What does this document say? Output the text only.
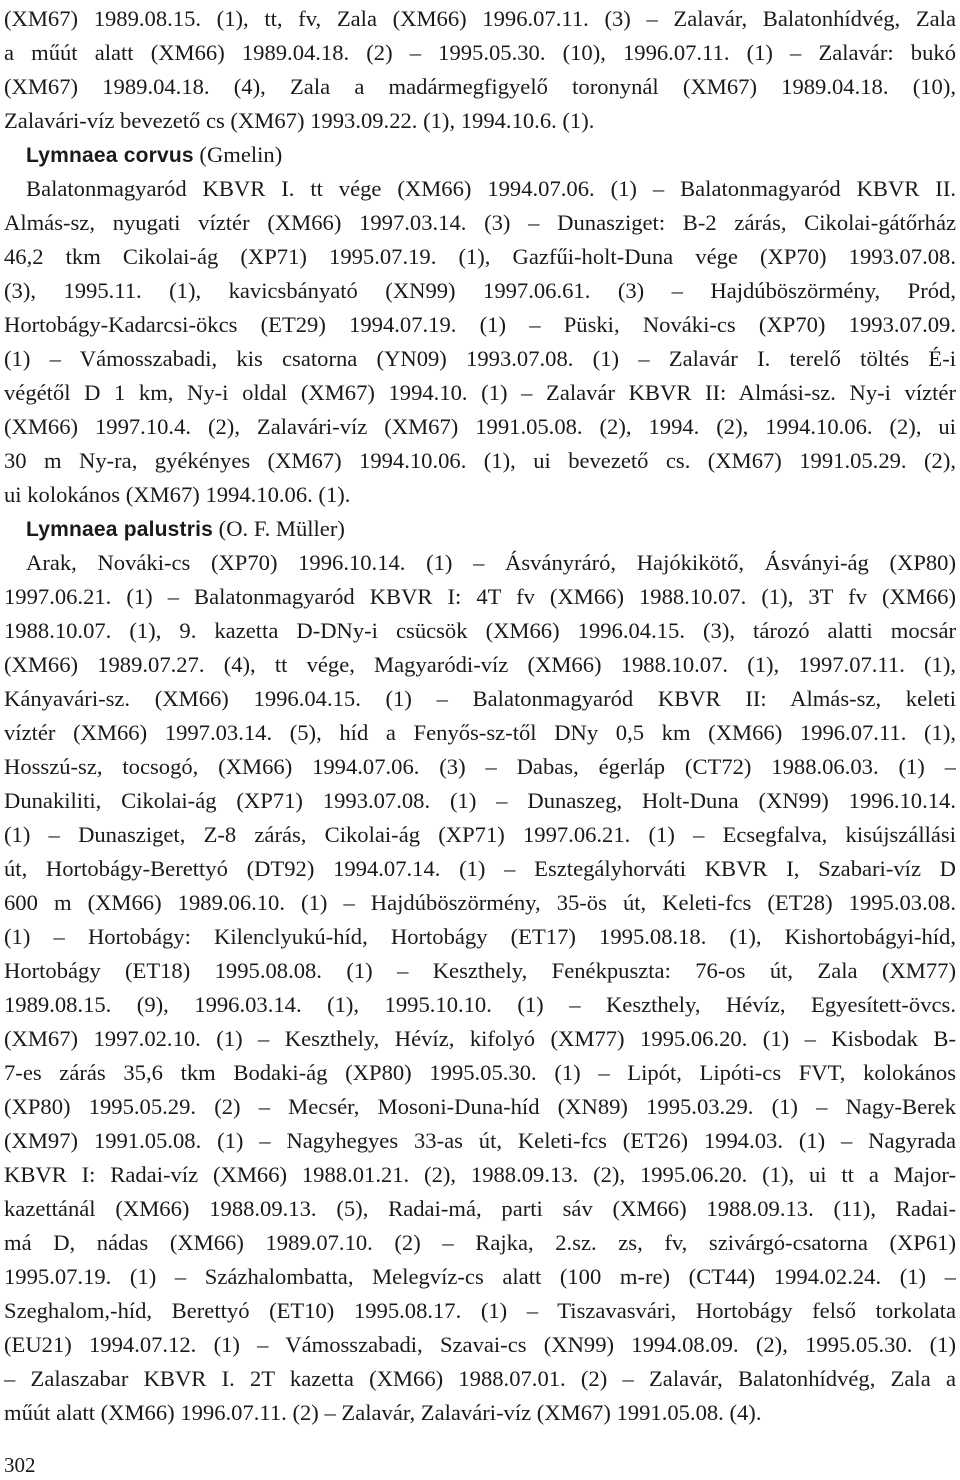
(XM67) 1989.08.15. (1), tt, fv, Zala (XM66) 1996.07.11. (3) – Zalavár, Balatonhídvég, Zala
a műút alatt (XM66) 1989.04.18. (2) – 1995.05.30. (10), 1996.07.11. (1) – Zalavár: bukó
(XM67) 1989.04.18. (4), Zala a madármegfigyelő toronynál (XM67) 1989.04.18. (10),
Zalavári-víz bevezető cs (XM67) 1993.09.22. (1), 1994.10.6. (1).
Lymnaea corvus (Gmelin)
Balatonmagyaród KBVR I. tt vége (XM66) 1994.07.06. (1) – Balatonmagyaród KBVR II.
Almás-sz, nyugati víztér (XM66) 1997.03.14. (3) – Dunasziget: B-2 zárás, Cikolai-gátőrház
46,2 tkm Cikolai-ág (XP71) 1995.07.19. (1), Gazfűi-holt-Duna vége (XP70) 1993.07.08.
(3), 1995.11. (1), kavicsbányató (XN99) 1997.06.61. (3) – Hajdúböszörmény, Pród,
Hortobágy-Kadarcsi-ökcs (ET29) 1994.07.19. (1) – Püski, Nováki-cs (XP70) 1993.07.09.
(1) – Vámosszabadi, kis csatorna (YN09) 1993.07.08. (1) – Zalavár I. terelő töltés É-i
végétől D 1 km, Ny-i oldal (XM67) 1994.10. (1) – Zalavár KBVR II: Almási-sz. Ny-i víztér
(XM66) 1997.10.4. (2), Zalavári-víz (XM67) 1991.05.08. (2), 1994. (2), 1994.10.06. (2), ui
30 m Ny-ra, gyékényes (XM67) 1994.10.06. (1), ui bevezető cs. (XM67) 1991.05.29. (2),
ui kolokános (XM67) 1994.10.06. (1).
Lymnaea palustris (O. F. Müller)
Arak, Nováki-cs (XP70) 1996.10.14. (1) – Ásványráró, Hajókikötő, Ásványi-ág (XP80)
1997.06.21. (1) – Balatonmagyaród KBVR I: 4T fv (XM66) 1988.10.07. (1), 3T fv (XM66)
1988.10.07. (1), 9. kazetta D-DNy-i csücsök (XM66) 1996.04.15. (3), tározó alatti mocsár
(XM66) 1989.07.27. (4), tt vége, Magyaródi-víz (XM66) 1988.10.07. (1), 1997.07.11. (1),
Kányavári-sz. (XM66) 1996.04.15. (1) – Balatonmagyaród KBVR II: Almás-sz, keleti
víztér (XM66) 1997.03.14. (5), híd a Fenyős-sz-től DNy 0,5 km (XM66) 1996.07.11. (1),
Hosszú-sz, tocsogó, (XM66) 1994.07.06. (3) – Dabas, égerláp (CT72) 1988.06.03. (1) –
Dunakiliti, Cikolai-ág (XP71) 1993.07.08. (1) – Dunaszeg, Holt-Duna (XN99) 1996.10.14.
(1) – Dunasziget, Z-8 zárás, Cikolai-ág (XP71) 1997.06.21. (1) – Ecsegfalva, kisújszállási
út, Hortobágy-Berettyó (DT92) 1994.07.14. (1) – Esztegályhorváti KBVR I, Szabari-víz D
600 m (XM66) 1989.06.10. (1) – Hajdúböszörmény, 35-ös út, Keleti-fcs (ET28) 1995.03.08.
(1) – Hortobágy: Kilenclyukú-híd, Hortobágy (ET17) 1995.08.18. (1), Kishortobágyi-híd,
Hortobágy (ET18) 1995.08.08. (1) – Keszthely, Fenékpuszta: 76-os út, Zala (XM77)
1989.08.15. (9), 1996.03.14. (1), 1995.10.10. (1) – Keszthely, Hévíz, Egyesített-övcs.
(XM67) 1997.02.10. (1) – Keszthely, Hévíz, kifolyó (XM77) 1995.06.20. (1) – Kisbodak B-
7-es zárás 35,6 tkm Bodaki-ág (XP80) 1995.05.30. (1) – Lipót, Lipóti-cs FVT, kolokános
(XP80) 1995.05.29. (2) – Mecsér, Mosoni-Duna-híd (XN89) 1995.03.29. (1) – Nagy-Berek
(XM97) 1991.05.08. (1) – Nagyhegyes 33-as út, Keleti-fcs (ET26) 1994.03. (1) – Nagyrada
KBVR I: Radai-víz (XM66) 1988.01.21. (2), 1988.09.13. (2), 1995.06.20. (1), ui tt a Major-
kazettánál (XM66) 1988.09.13. (5), Radai-má, parti sáv (XM66) 1988.09.13. (11), Radai-
má D, nádas (XM66) 1989.07.10. (2) – Rajka, 2.sz. zs, fv, szivárgó-csatorna (XP61)
1995.07.19. (1) – Százhalombatta, Melegvíz-cs alatt (100 m-re) (CT44) 1994.02.24. (1) –
Szeghalom,-híd, Berettyó (ET10) 1995.08.17. (1) – Tiszavasvári, Hortobágy felső torkolata
(EU21) 1994.07.12. (1) – Vámosszabadi, Szavai-cs (XN99) 1994.08.09. (2), 1995.05.30. (1)
– Zalaszabar KBVR I. 2T kazetta (XM66) 1988.07.01. (2) – Zalavár, Balatonhídvég, Zala a
műút alatt (XM66) 1996.07.11. (2) – Zalavár, Zalavári-víz (XM67) 1991.05.08. (4).
302
